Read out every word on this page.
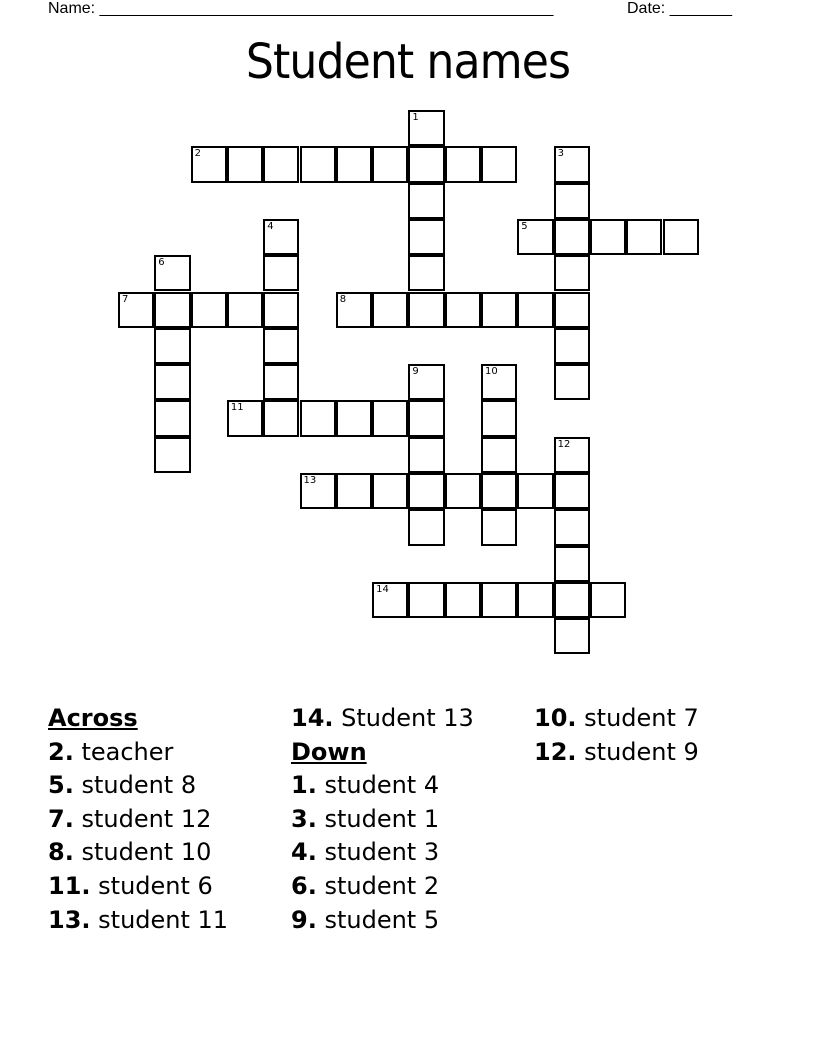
Name: ___________________________________________________	Date: _______
Student names
1
2	3
4	5
6
7	8
9	10
11
12
13
14
Across
2. teacher
5. student 8
7. student 12
8. student 10
11. student 6
13. student 11
14. Student 13
Down
1. student 4
3. student 1
4. student 3
6. student 2
9. student 5
10. student 7
12. student 9
